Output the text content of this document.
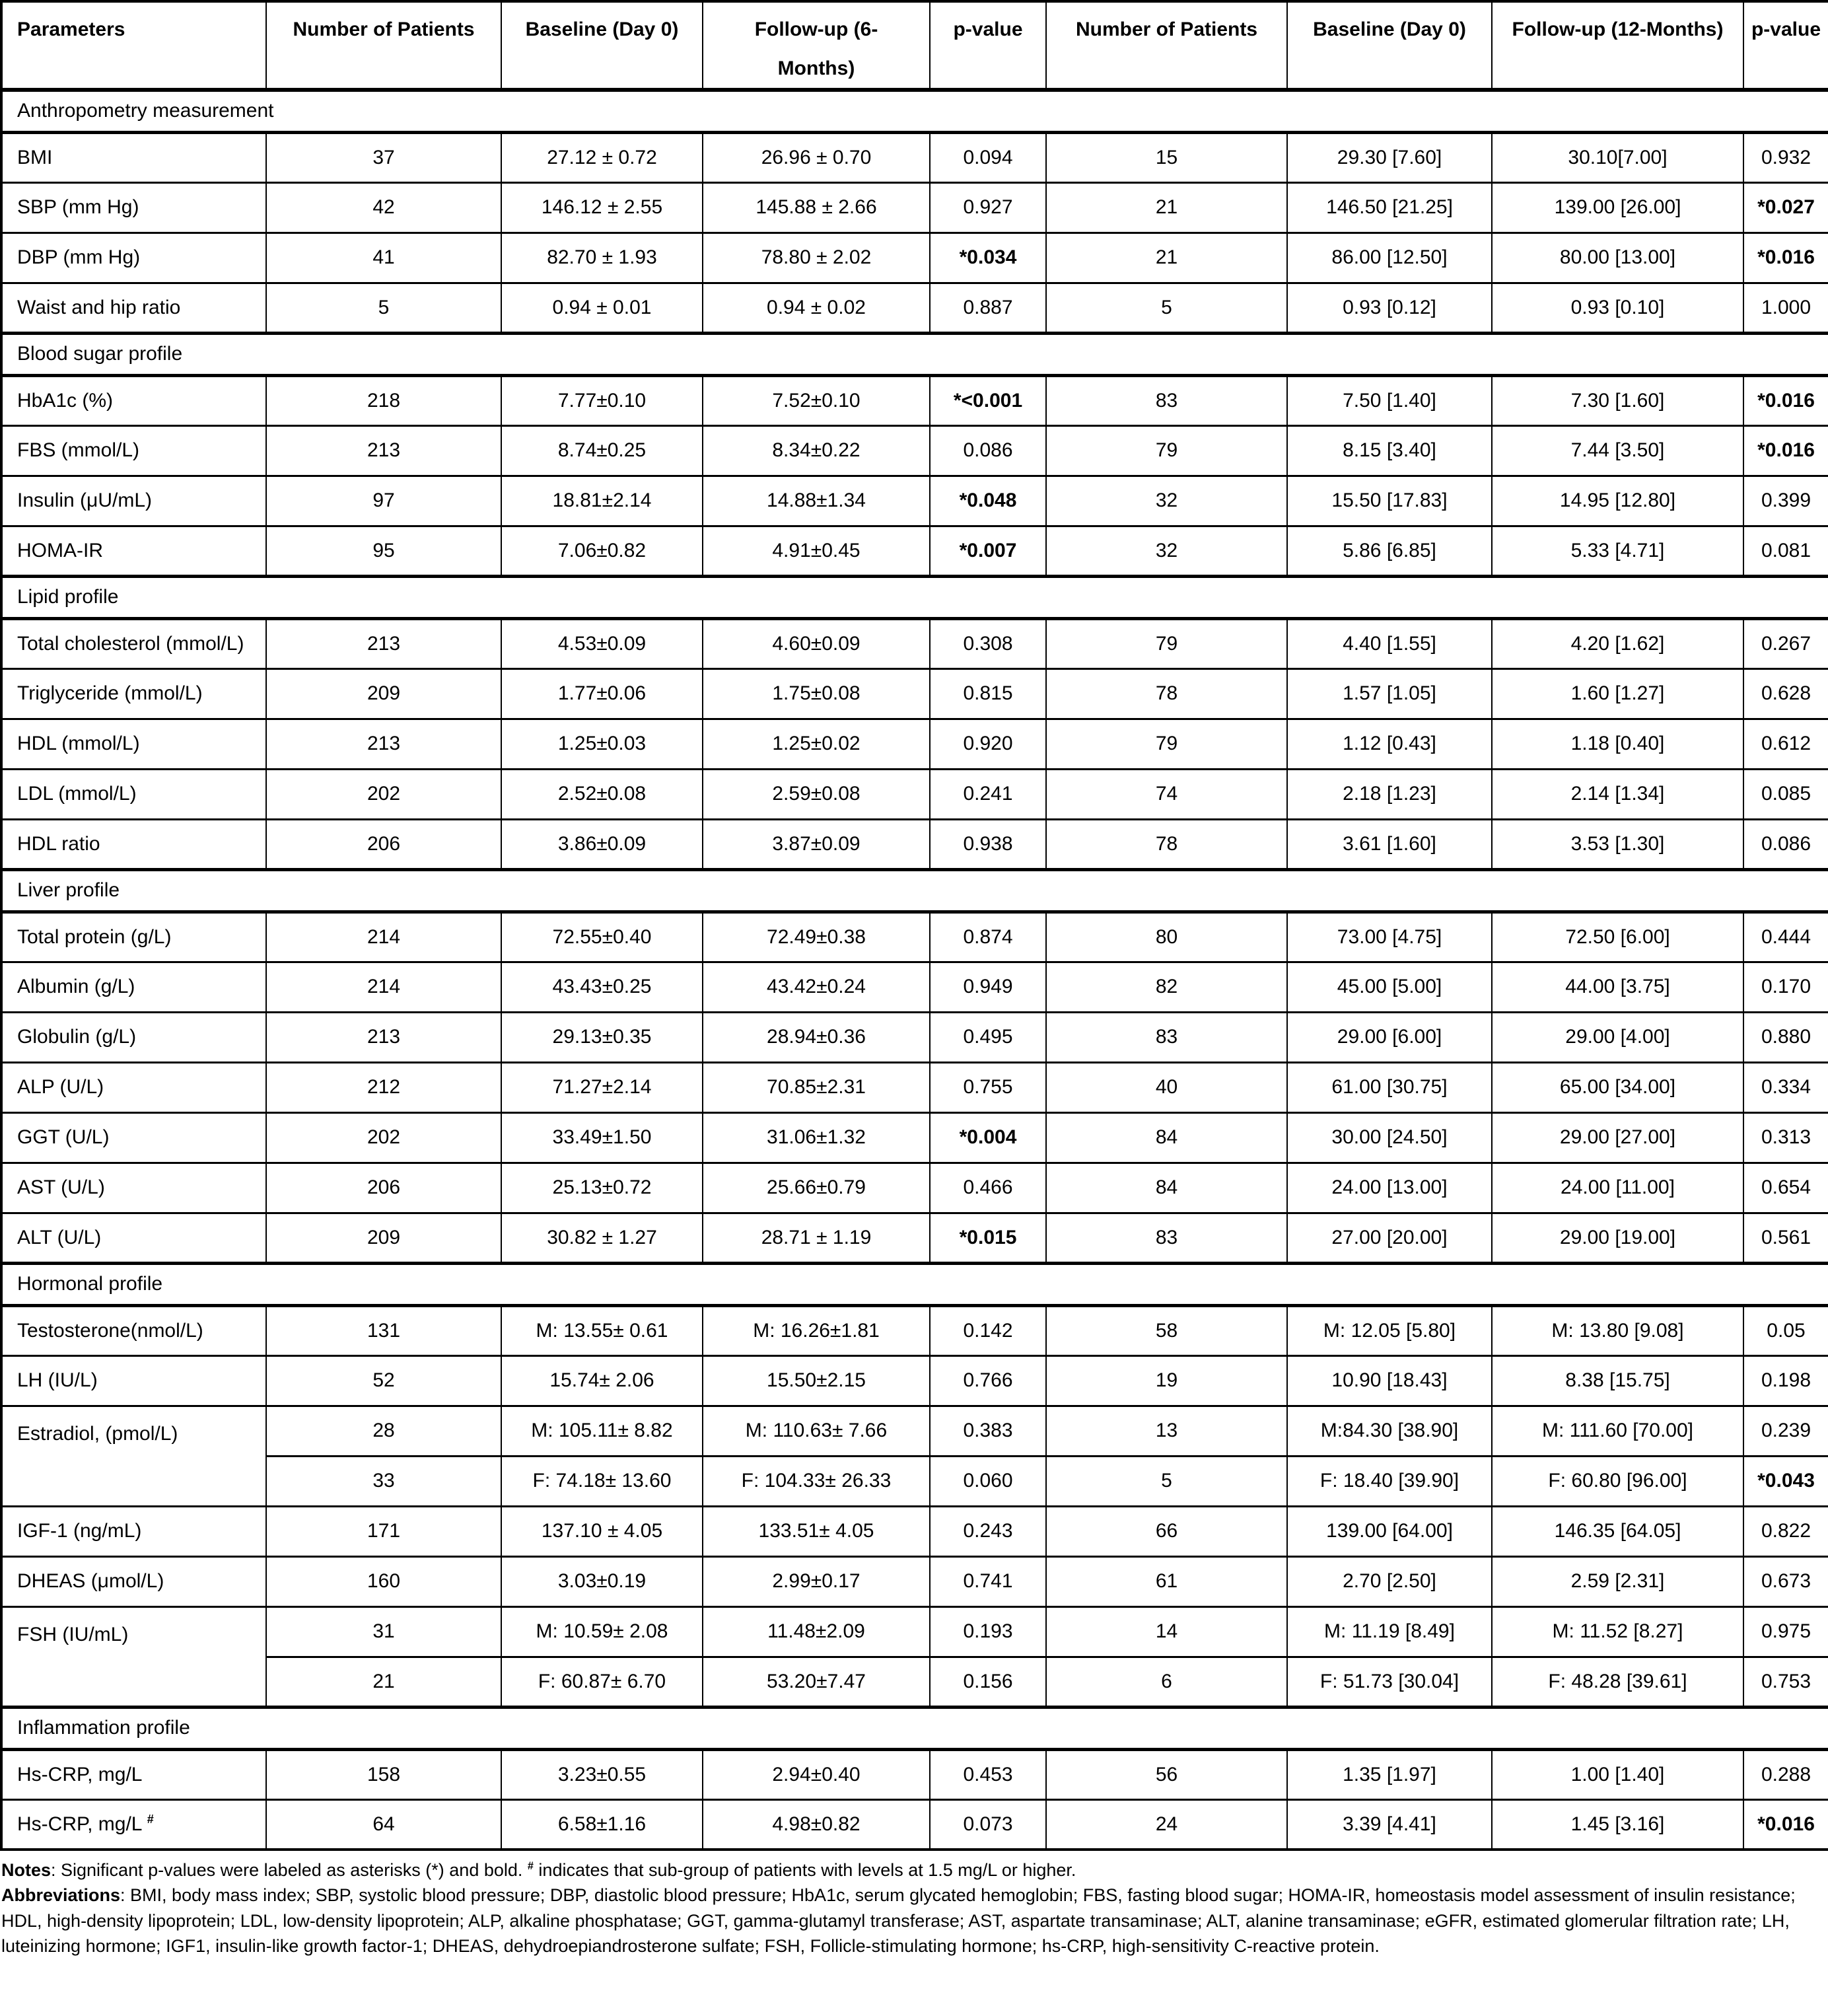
Parameters	Number of Patients	Baseline (Day 0)	Follow-up (6-Months)	p-value	Number of Patients	Baseline (Day 0)	Follow-up (12-Months)	p-value
Anthropometry measurement								
BMI	37	27.12 ± 0.72	26.96 ± 0.70	0.094	15	29.30 [7.60]	30.10[7.00]	0.932
SBP (mm Hg)	42	146.12 ± 2.55	145.88 ± 2.66	0.927	21	146.50 [21.25]	139.00 [26.00]	*0.027
DBP (mm Hg)	41	82.70 ± 1.93	78.80 ± 2.02	*0.034	21	86.00 [12.50]	80.00 [13.00]	*0.016
Waist and hip ratio	5	0.94 ± 0.01	0.94 ± 0.02	0.887	5	0.93 [0.12]	0.93 [0.10]	1.000
Blood sugar profile								
HbA1c (%)	218	7.77±0.10	7.52±0.10	*<0.001	83	7.50 [1.40]	7.30 [1.60]	*0.016
FBS (mmol/L)	213	8.74±0.25	8.34±0.22	0.086	79	8.15 [3.40]	7.44 [3.50]	*0.016
Insulin (μU/mL)	97	18.81±2.14	14.88±1.34	*0.048	32	15.50 [17.83]	14.95 [12.80]	0.399
HOMA-IR	95	7.06±0.82	4.91±0.45	*0.007	32	5.86 [6.85]	5.33 [4.71]	0.081
Lipid profile								
Total cholesterol (mmol/L)	213	4.53±0.09	4.60±0.09	0.308	79	4.40 [1.55]	4.20 [1.62]	0.267
Triglyceride (mmol/L)	209	1.77±0.06	1.75±0.08	0.815	78	1.57 [1.05]	1.60 [1.27]	0.628
HDL (mmol/L)	213	1.25±0.03	1.25±0.02	0.920	79	1.12 [0.43]	1.18 [0.40]	0.612
LDL (mmol/L)	202	2.52±0.08	2.59±0.08	0.241	74	2.18 [1.23]	2.14 [1.34]	0.085
HDL ratio	206	3.86±0.09	3.87±0.09	0.938	78	3.61 [1.60]	3.53 [1.30]	0.086
Liver profile								
Total protein (g/L)	214	72.55±0.40	72.49±0.38	0.874	80	73.00 [4.75]	72.50 [6.00]	0.444
Albumin (g/L)	214	43.43±0.25	43.42±0.24	0.949	82	45.00 [5.00]	44.00 [3.75]	0.170
Globulin (g/L)	213	29.13±0.35	28.94±0.36	0.495	83	29.00 [6.00]	29.00 [4.00]	0.880
ALP (U/L)	212	71.27±2.14	70.85±2.31	0.755	40	61.00 [30.75]	65.00 [34.00]	0.334
GGT (U/L)	202	33.49±1.50	31.06±1.32	*0.004	84	30.00 [24.50]	29.00 [27.00]	0.313
AST (U/L)	206	25.13±0.72	25.66±0.79	0.466	84	24.00 [13.00]	24.00 [11.00]	0.654
ALT (U/L)	209	30.82 ± 1.27	28.71 ± 1.19	*0.015	83	27.00 [20.00]	29.00 [19.00]	0.561
Hormonal profile								
Testosterone(nmol/L)	131	M: 13.55± 0.61	M: 16.26±1.81	0.142	58	M: 12.05 [5.80]	M: 13.80 [9.08]	0.05
LH (IU/L)	52	15.74± 2.06	15.50±2.15	0.766	19	10.90 [18.43]	8.38 [15.75]	0.198
Estradiol, (pmol/L)	28	M: 105.11± 8.82	M: 110.63± 7.66	0.383	13	M:84.30 [38.90]	M: 111.60 [70.00]	0.239
	33	F: 74.18± 13.60	F: 104.33± 26.33	0.060	5	F: 18.40 [39.90]	F: 60.80 [96.00]	*0.043
IGF-1 (ng/mL)	171	137.10 ± 4.05	133.51± 4.05	0.243	66	139.00 [64.00]	146.35 [64.05]	0.822
DHEAS (μmol/L)	160	3.03±0.19	2.99±0.17	0.741	61	2.70 [2.50]	2.59 [2.31]	0.673
FSH (IU/mL)	31	M: 10.59± 2.08	11.48±2.09	0.193	14	M: 11.19 [8.49]	M: 11.52 [8.27]	0.975
	21	F: 60.87± 6.70	53.20±7.47	0.156	6	F: 51.73 [30.04]	F: 48.28 [39.61]	0.753
Inflammation profile								
Hs-CRP, mg/L	158	3.23±0.55	2.94±0.40	0.453	56	1.35 [1.97]	1.00 [1.40]	0.288
Hs-CRP, mg/L #	64	6.58±1.16	4.98±0.82	0.073	24	3.39 [4.41]	1.45 [3.16]	*0.016

Notes: Significant p-values were labeled as asterisks (*) and bold. # indicates that sub-group of patients with levels at 1.5 mg/L or higher.

Abbreviations: BMI, body mass index; SBP, systolic blood pressure; DBP, diastolic blood pressure; HbA1c, serum glycated hemoglobin; FBS, fasting blood sugar; HOMA-IR, homeostasis model assessment of insulin resistance; HDL, high-density lipoprotein; LDL, low-density lipoprotein; ALP, alkaline phosphatase; GGT, gamma-glutamyl transferase; AST, aspartate transaminase; ALT, alanine transaminase; eGFR, estimated glomerular filtration rate; LH, luteinizing hormone; IGF1, insulin-like growth factor-1; DHEAS, dehydroepiandrosterone sulfate; FSH, Follicle-stimulating hormone; hs-CRP, high-sensitivity C-reactive protein.
